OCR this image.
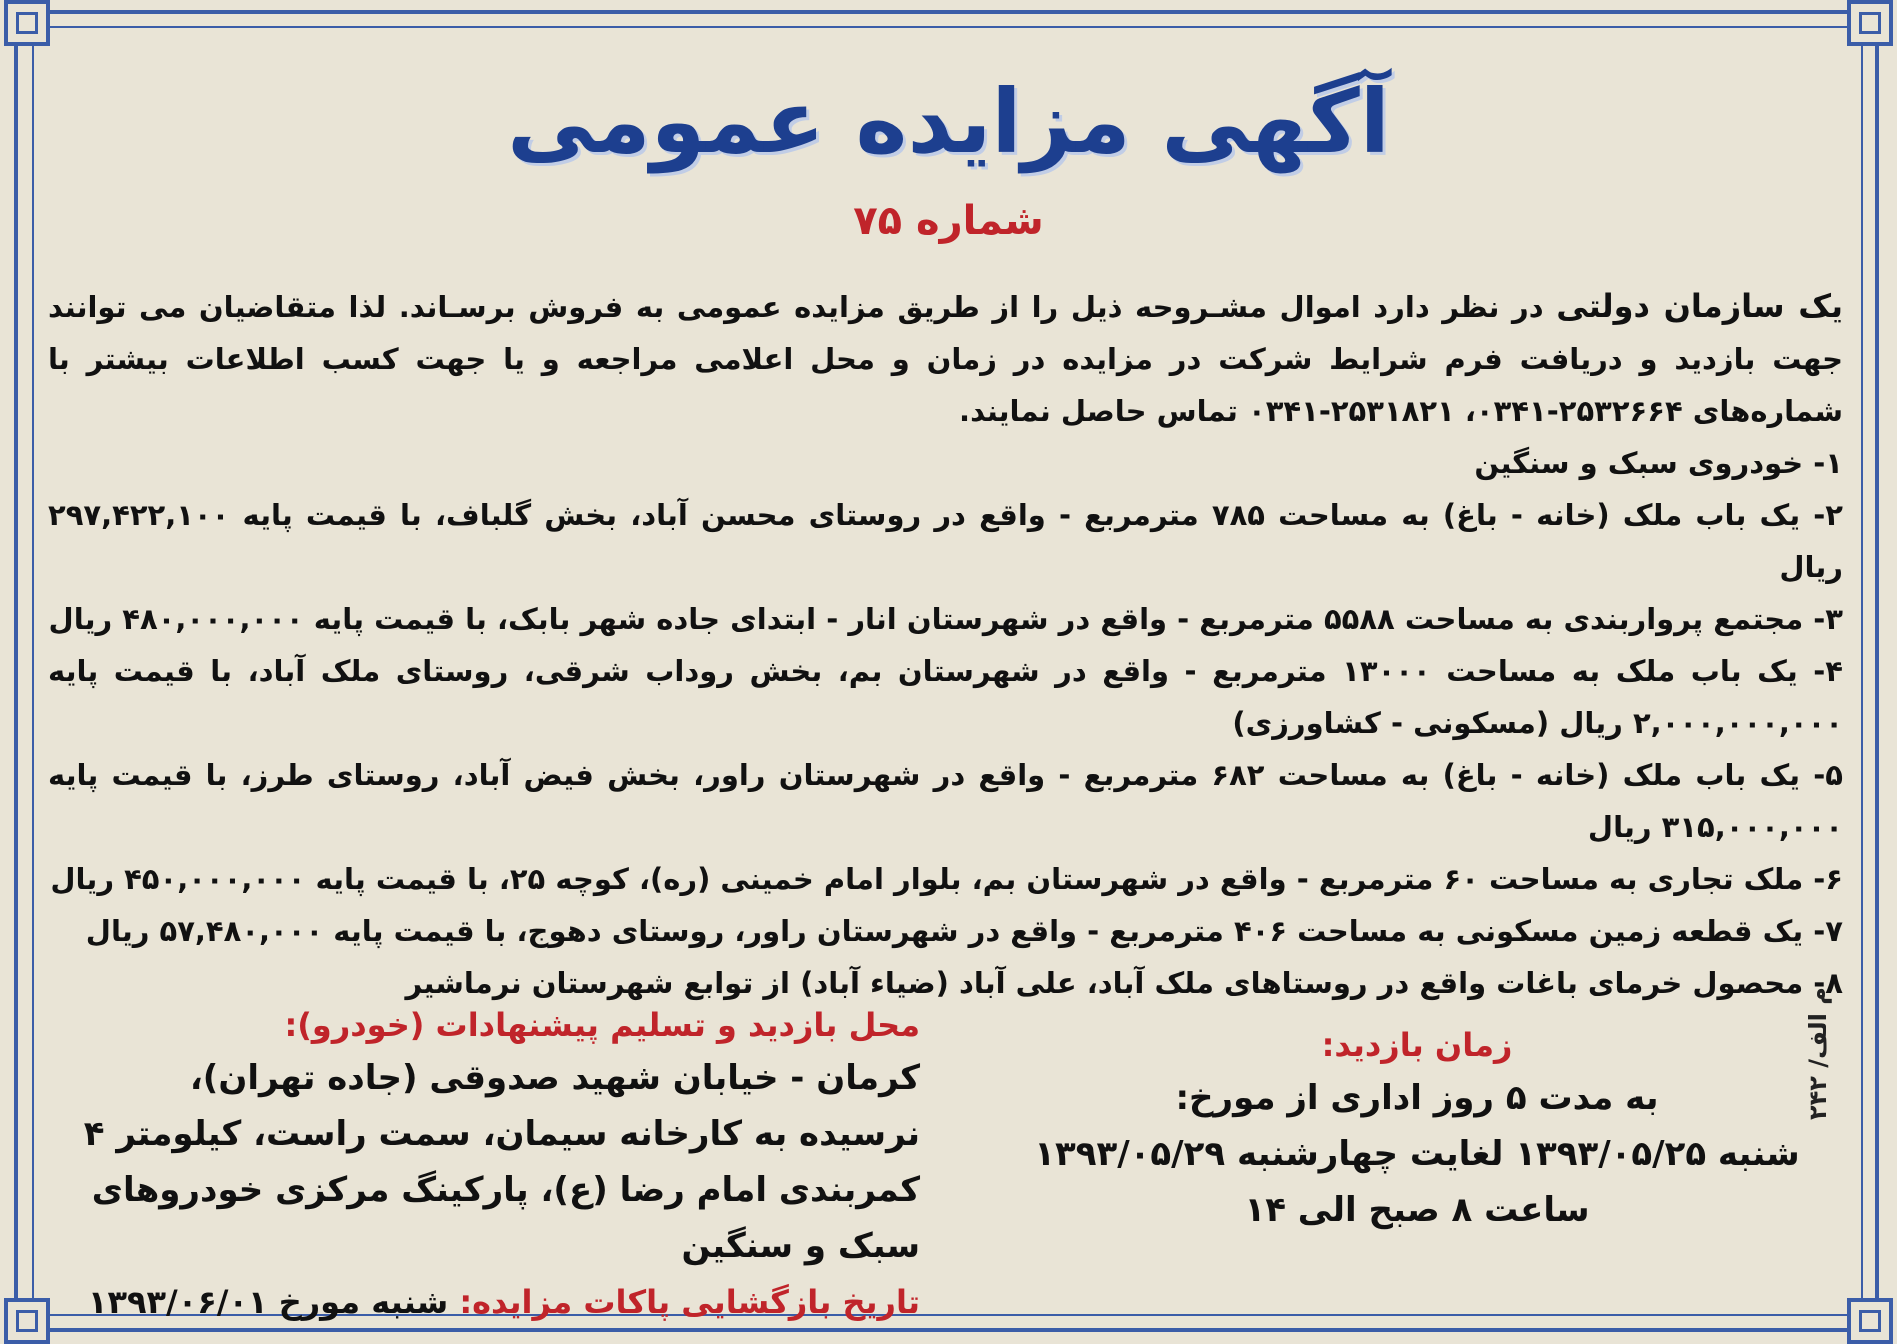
آگهی مزایده عمومی
شماره ۷۵

یک سازمان دولتی در نظر دارد اموال مشـروحه ذیل را از طریق مزایده عمومی به فروش برسـاند. لذا متقاضیان می توانند جهت بازدید و دریافت فرم شرایط شرکت در مزایده در زمان و محل اعلامی مراجعه و یا جهت کسب اطلاعات بیشتر با شماره‌های ۲۵۳۲۶۶۴-۰۳۴۱، ۲۵۳۱۸۲۱-۰۳۴۱ تماس حاصل نمایند.

۱- خودروی سبک و سنگین
۲- یک باب ملک (خانه - باغ) به مساحت ۷۸۵ مترمربع - واقع در روستای محسن آباد، بخش گلباف، با قیمت پایه ۲۹۷,۴۲۲,۱۰۰ ریال
۳- مجتمع پرواربندی به مساحت ۵۵۸۸ مترمربع - واقع در شهرستان انار - ابتدای جاده شهر بابک، با قیمت پایه ۴۸۰,۰۰۰,۰۰۰ ریال
۴- یک باب ملک به مساحت ۱۳۰۰۰ مترمربع - واقع در شهرستان بم، بخش روداب شرقی، روستای ملک آباد، با قیمت پایه ۲,۰۰۰,۰۰۰,۰۰۰ ریال (مسکونی - کشاورزی)
۵- یک باب ملک (خانه - باغ) به مساحت ۶۸۲ مترمربع - واقع در شهرستان راور، بخش فیض آباد، روستای طرز، با قیمت پایه ۳۱۵,۰۰۰,۰۰۰ ریال
۶- ملک تجاری به مساحت ۶۰ مترمربع - واقع در شهرستان بم، بلوار امام خمینی (ره)، کوچه ۲۵، با قیمت پایه ۴۵۰,۰۰۰,۰۰۰ ریال
۷- یک قطعه زمین مسکونی به مساحت ۴۰۶ مترمربع - واقع در شهرستان راور، روستای دهوج، با قیمت پایه ۵۷,۴۸۰,۰۰۰ ریال
۸- محصول خرمای باغات واقع در روستاهای ملک آباد، علی آباد (ضیاء آباد) از توابع شهرستان نرماشیر
محل بازدید و تسلیم پیشنهادات (خودرو):
کرمان - خیابان شهید صدوقی (جاده تهران)، نرسیده به کارخانه سیمان، سمت راست، کیلومتر ۴ کمربندی امام رضا (ع)، پارکینگ مرکزی خودروهای سبک و سنگین
تاریخ بازگشایی پاکات مزایده: شنبه مورخ ۱۳۹۳/۰۶/۰۱
زمان بازدید:
به مدت ۵ روز اداری از مورخ:
شنبه ۱۳۹۳/۰۵/۲۵ لغایت چهارشنبه ۱۳۹۳/۰۵/۲۹
ساعت ۸ صبح الی ۱۴
م الف/ ۲۴۲
